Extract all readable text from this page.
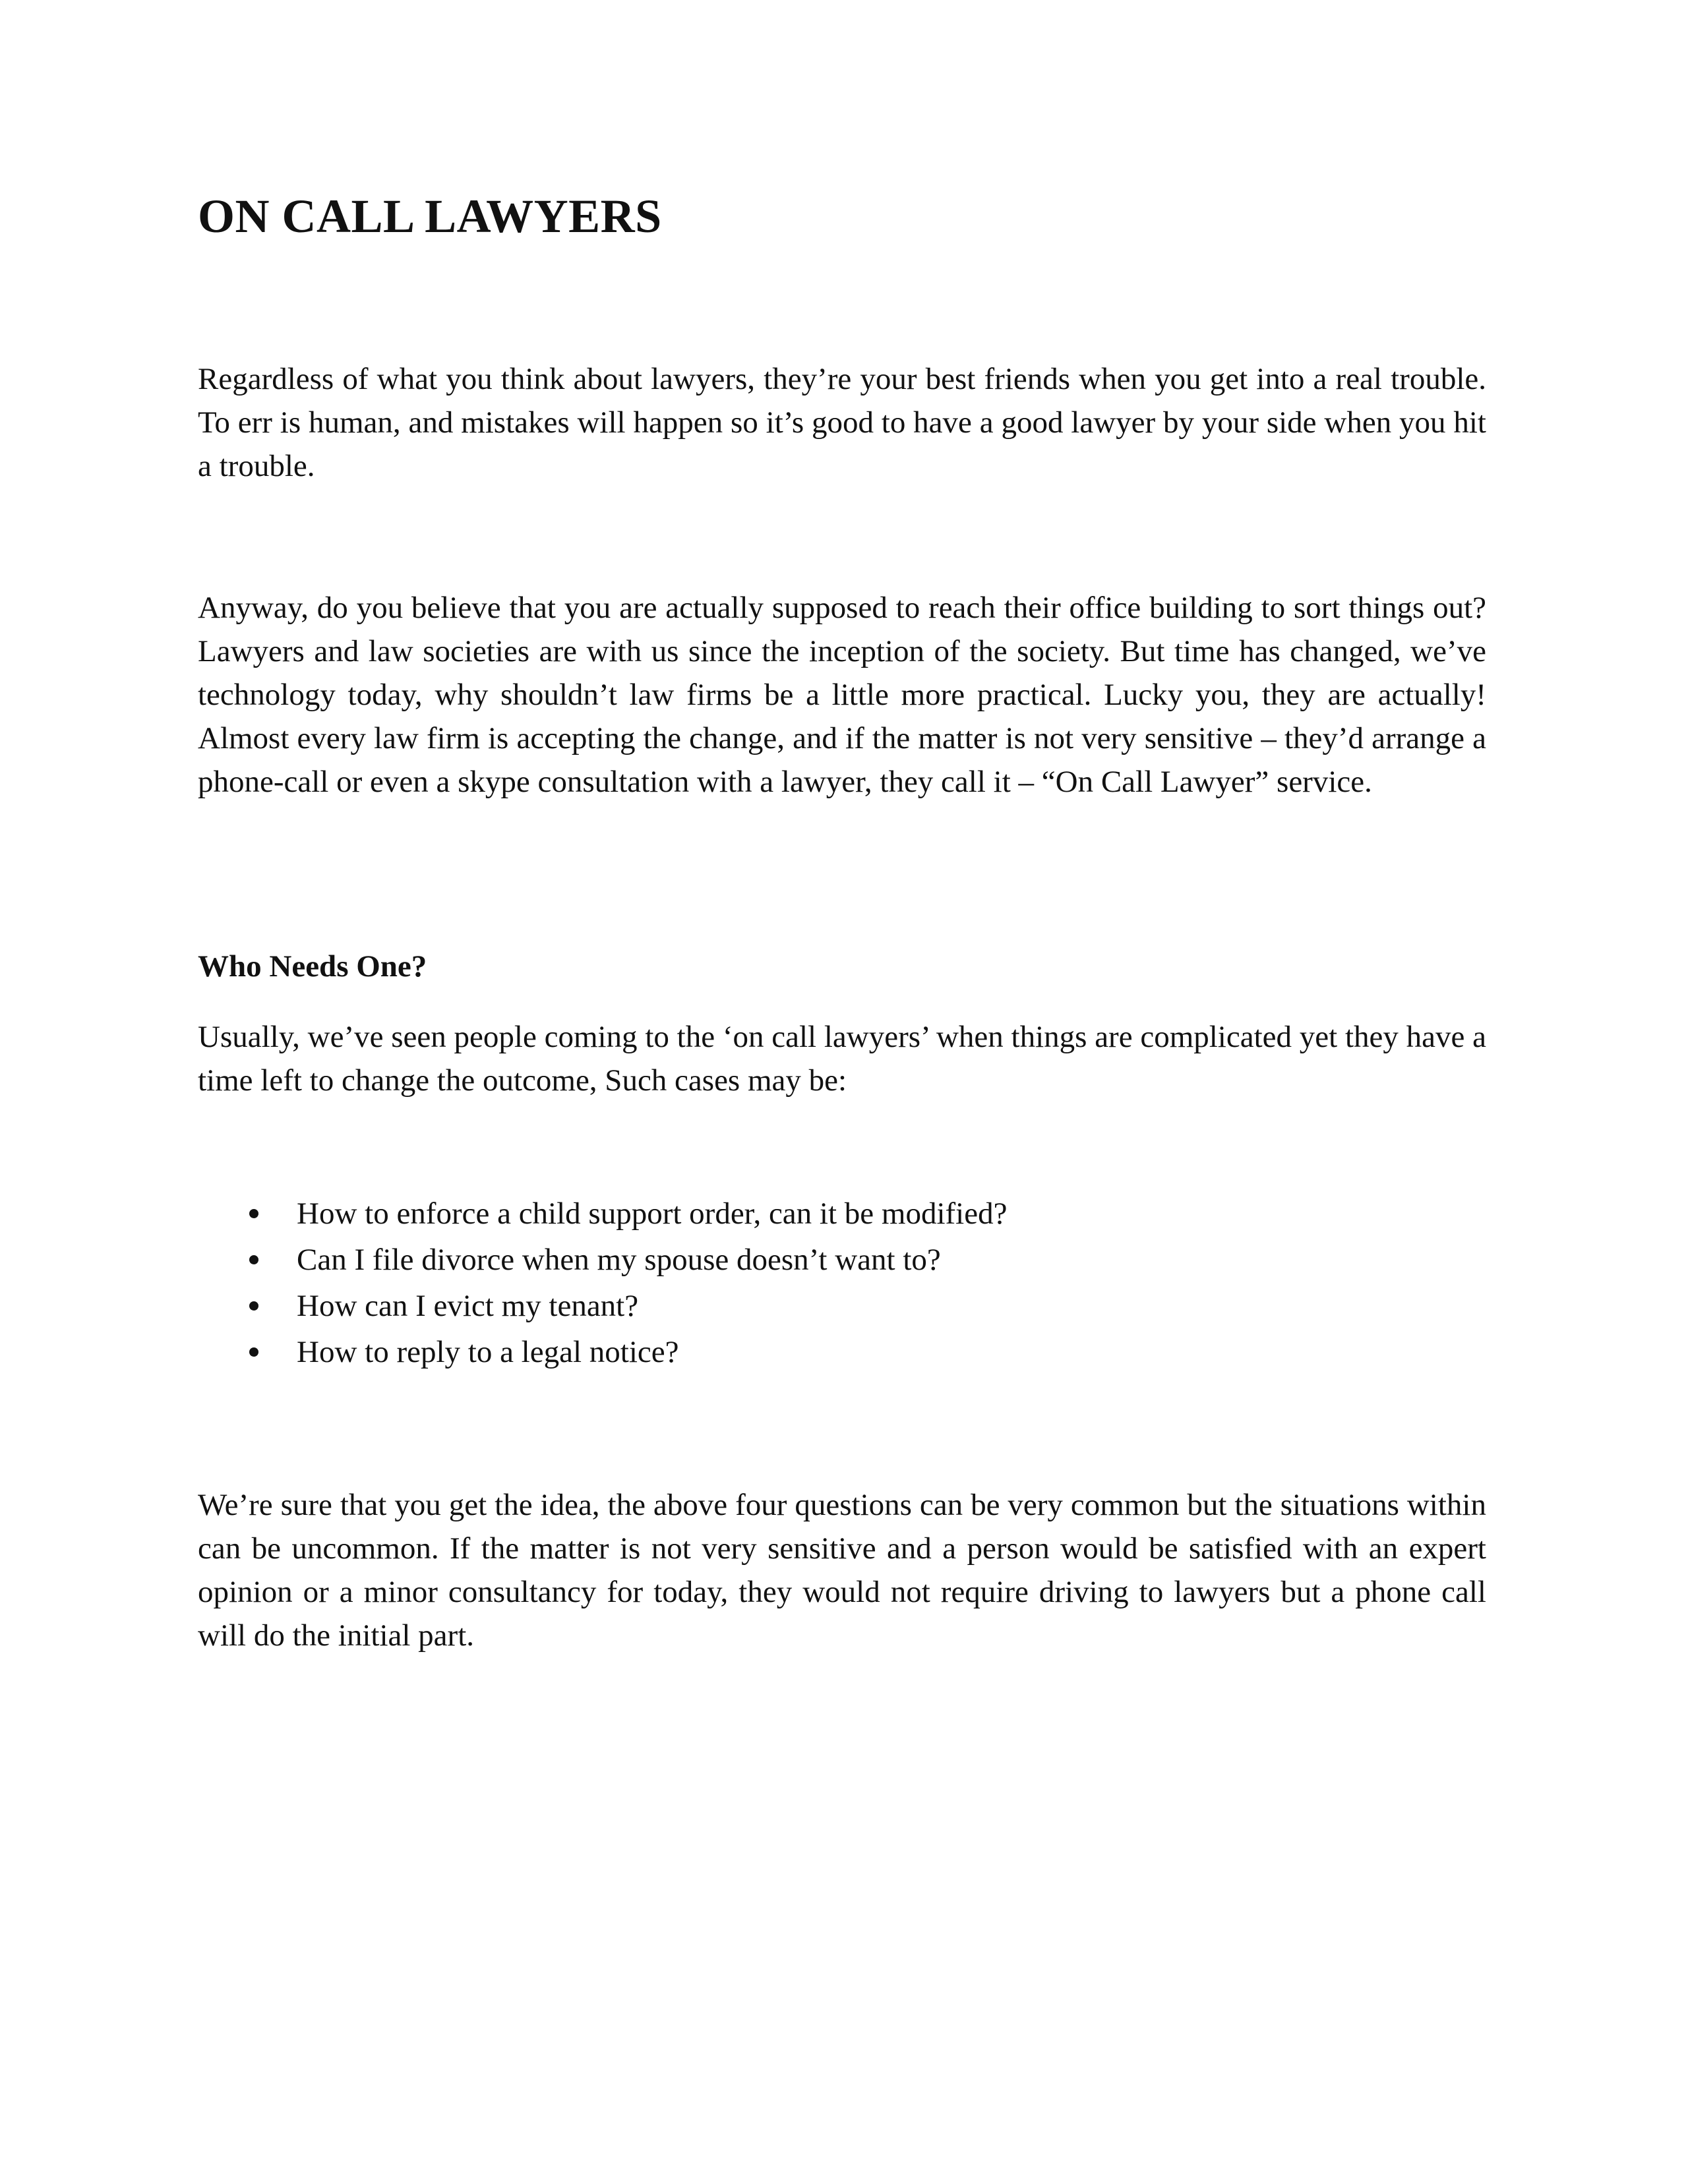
ON CALL LAWYERS

Regardless of what you think about lawyers, they’re your best friends when you get into a real trouble. To err is human, and mistakes will happen so it’s good to have a good lawyer by your side when you hit a trouble.

Anyway, do you believe that you are actually supposed to reach their office building to sort things out? Lawyers and law societies are with us since the inception of the society. But time has changed, we’ve technology today, why shouldn’t law firms be a little more practical. Lucky you, they are actually! Almost every law firm is accepting the change, and if the matter is not very sensitive – they’d arrange a phone-call or even a skype consultation with a lawyer, they call it – “On Call Lawyer” service.

Who Needs One?

Usually, we’ve seen people coming to the ‘on call lawyers’ when things are complicated yet they have a time left to change the outcome, Such cases may be:

How to enforce a child support order, can it be modified?
Can I file divorce when my spouse doesn’t want to?
How can I evict my tenant?
How to reply to a legal notice?

We’re sure that you get the idea, the above four questions can be very common but the situations within can be uncommon. If the matter is not very sensitive and a person would be satisfied with an expert opinion or a minor consultancy for today, they would not require driving to lawyers but a phone call will do the initial part.
